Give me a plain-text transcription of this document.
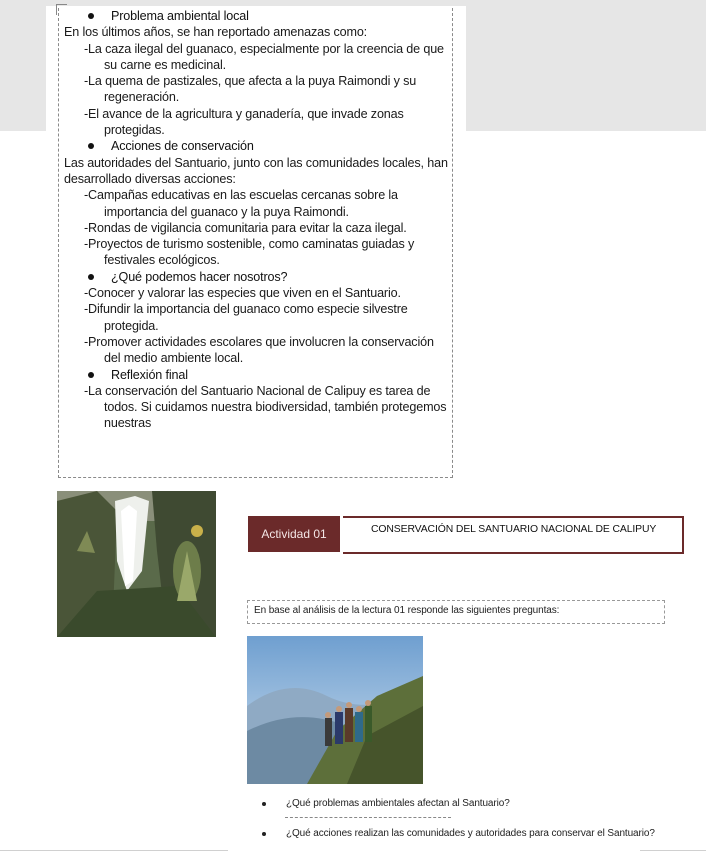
Problema ambiental local
En los últimos años, se han reportado amenazas como:
-La caza ilegal del guanaco, especialmente por la creencia de que su carne es medicinal.
-La quema de pastizales, que afecta a la puya Raimondi y su regeneración.
-El avance de la agricultura y ganadería, que invade zonas protegidas.
Acciones de conservación
Las autoridades del Santuario, junto con las comunidades locales, han desarrollado diversas acciones:
-Campañas educativas en las escuelas cercanas sobre la importancia del guanaco y la puya Raimondi.
-Rondas de vigilancia comunitaria para evitar la caza ilegal.
-Proyectos de turismo sostenible, como caminatas guiadas y festivales ecológicos.
¿Qué podemos hacer nosotros?
-Conocer y valorar las especies que viven en el Santuario.
-Difundir la importancia del guanaco como especie silvestre protegida.
-Promover actividades escolares que involucren la conservación del medio ambiente local.
Reflexión final
-La conservación del Santuario Nacional de Calipuy es tarea de todos. Si cuidamos nuestra biodiversidad, también protegemos nuestras
Actividad 01	CONSERVACIÓN DEL SANTUARIO NACIONAL DE CALIPUY
En base al análisis de la lectura 01 responde las siguientes preguntas:
¿Qué problemas ambientales afectan al Santuario?
¿Qué acciones realizan las comunidades y autoridades para conservar el Santuario?
